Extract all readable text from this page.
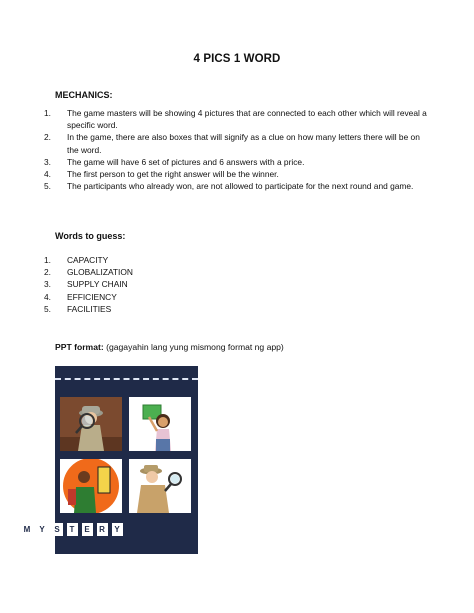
4 PICS 1 WORD
MECHANICS:
1. The game masters will be showing 4 pictures that are connected to each other which will reveal a specific word.
2. In the game, there are also boxes that will signify as a clue on how many letters there will be on the word.
3. The game will have 6 set of pictures and 6 answers with a price.
4. The first person to get the right answer will be the winner.
5. The participants who already won, are not allowed to participate for the next round and game.
Words to guess:
1. CAPACITY
2. GLOBALIZATION
3. SUPPLY CHAIN
4. EFFICIENCY
5. FACILITIES
PPT format: (gagayahin lang yung mismong format ng app)
M	Y	S	T	E	R	Y
